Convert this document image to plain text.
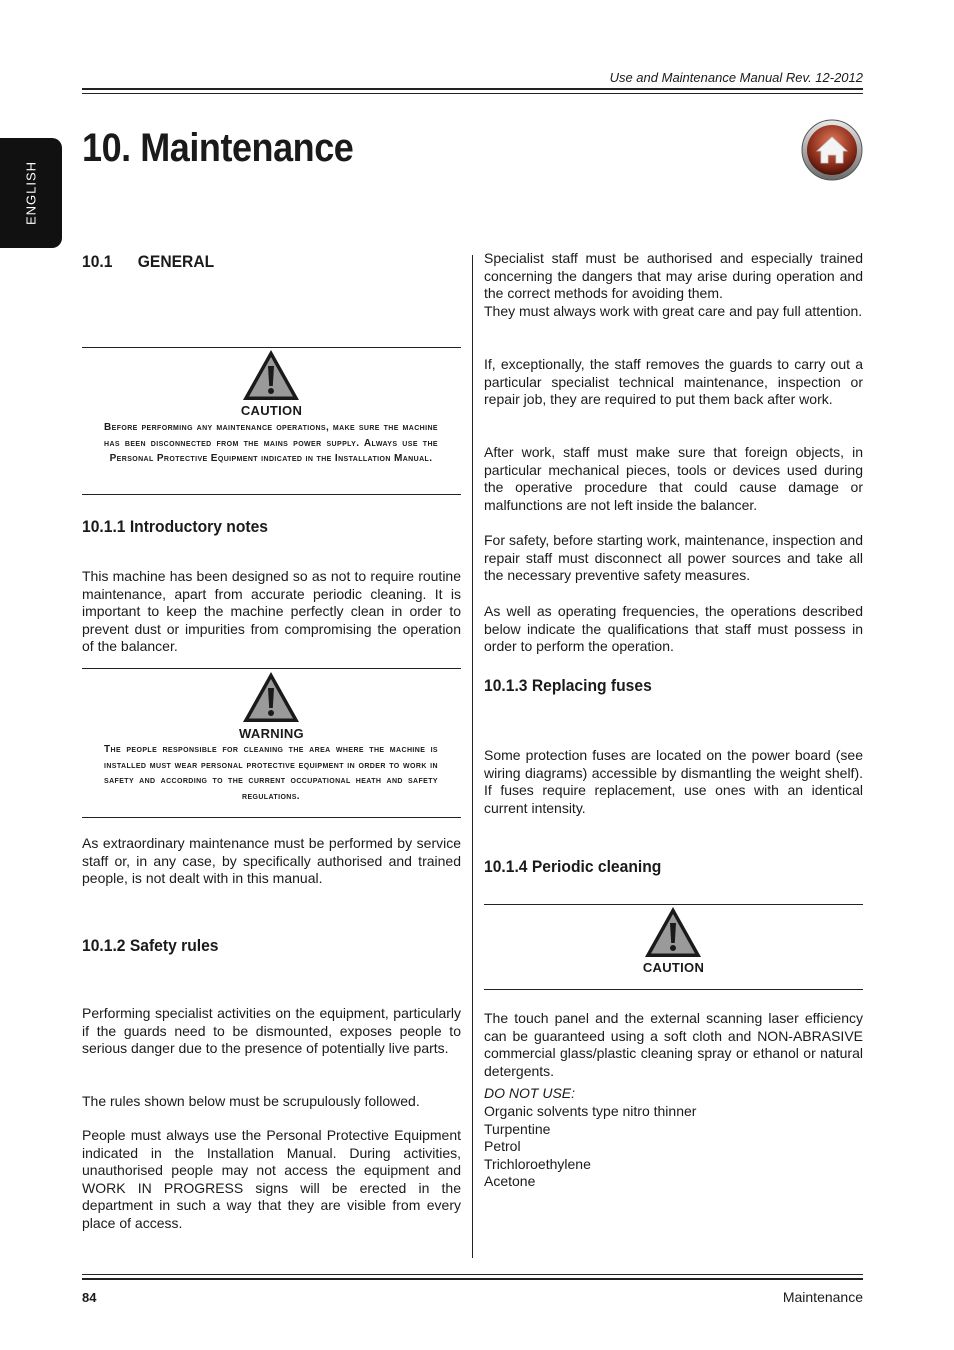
Use and Maintenance Manual Rev. 12-2012
ENGLISH
10. Maintenance
10.1 GENERAL
CAUTION
Before performing any maintenance operations, make sure the machine has been disconnected from the mains power supply. Always use the Personal Protective Equipment indicated in the Installation Manual.
10.1.1 Introductory notes

This machine has been designed so as not to require routine maintenance, apart from accurate periodic cleaning. It is important to keep the machine perfectly clean in order to prevent dust or impurities from compromising the operation of the balancer.

WARNING
The people responsible for cleaning the area where the machine is installed must wear personal protective equipment in order to work in safety and according to the current occupational heath and safety regulations.

As extraordinary maintenance must be performed by service staff or, in any case, by specifically authorised and trained people, is not dealt with in this manual.

10.1.2 Safety rules

Performing specialist activities on the equipment, particularly if the guards need to be dismounted, exposes people to serious danger due to the presence of potentially live parts.

The rules shown below must be scrupulously followed.

People must always use the Personal Protective Equipment indicated in the Installation Manual. During activities, unauthorised people may not access the equipment and WORK IN PROGRESS signs will be erected in the department in such a way that they are visible from every place of access.

Specialist staff must be authorised and especially trained concerning the dangers that may arise during operation and the correct methods for avoiding them.

They must always work with great care and pay full attention.

If, exceptionally, the staff removes the guards to carry out a particular specialist technical maintenance, inspection or repair job, they are required to put them back after work.

After work, staff must make sure that foreign objects, in particular mechanical pieces, tools or devices used during the operative procedure that could cause damage or malfunctions are not left inside the balancer.

For safety, before starting work, maintenance, inspection and repair staff must disconnect all power sources and take all the necessary preventive safety measures.

As well as operating frequencies, the operations described below indicate the qualifications that staff must possess in order to perform the operation.

10.1.3 Replacing fuses

Some protection fuses are located on the power board (see wiring diagrams) accessible by dismantling the weight shelf). If fuses require replacement, use ones with an identical current intensity.

10.1.4 Periodic cleaning
CAUTION

The touch panel and the external scanning laser efficiency can be guaranteed using a soft cloth and NON-ABRASIVE commercial glass/plastic cleaning spray or ethanol or natural detergents.

DO NOT USE:
Organic solvents type nitro thinner
Turpentine
Petrol
Trichloroethylene
Acetone
84	Maintenance
